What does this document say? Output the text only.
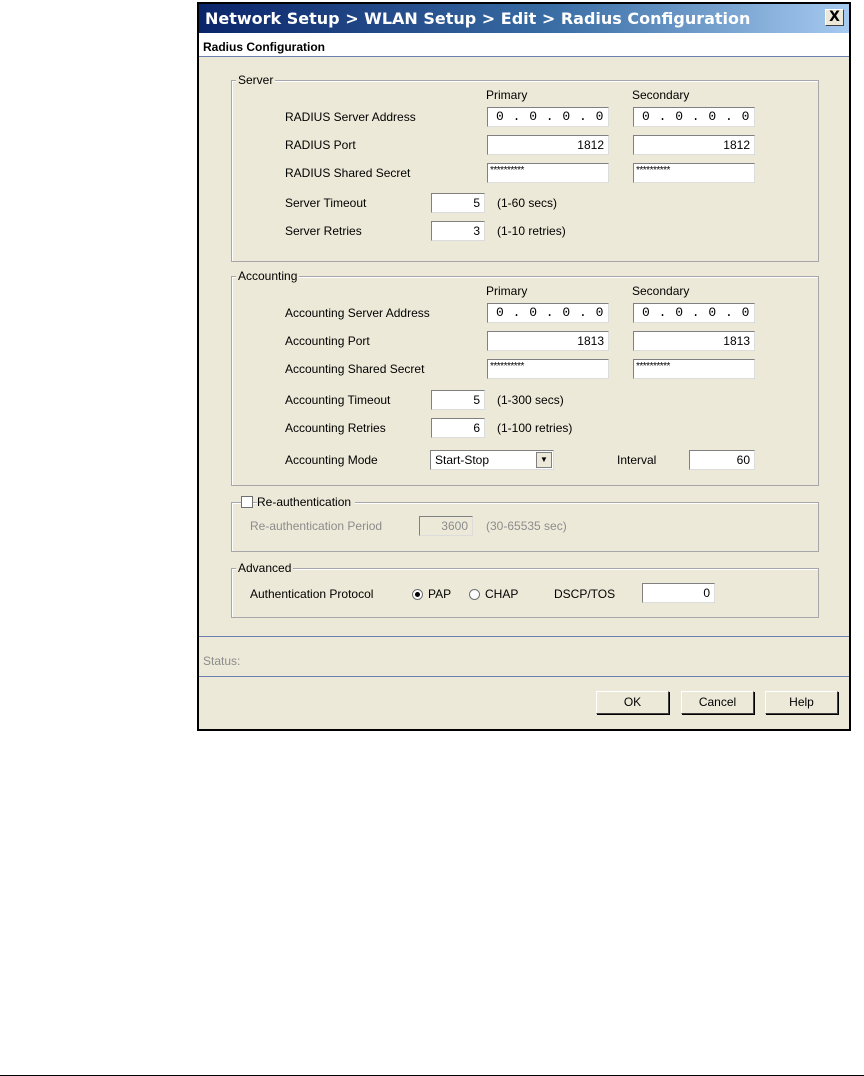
Network Setup > WLAN Setup > Edit > Radius Configuration	X
Radius Configuration
Server
Primary	Secondary
RADIUS Server Address	0 . 0 . 0 . 0	0 . 0 . 0 . 0
RADIUS Port	1812	1812
RADIUS Shared Secret	**********	**********
Server Timeout	5	(1-60 secs)
Server Retries	3	(1-10 retries)
Accounting
Primary	Secondary
Accounting Server Address	0 . 0 . 0 . 0	0 . 0 . 0 . 0
Accounting Port	1813	1813
Accounting Shared Secret	**********	**********
Accounting Timeout	5	(1-300 secs)
Accounting Retries	6	(1-100 retries)
Accounting Mode	Start-Stop	▼	Interval	60
Re-authentication
Re-authentication Period	3600	(30-65535 sec)
Advanced
Authentication Protocol	PAP	CHAP	DSCP/TOS	0
Status:
OK	Cancel	Help
